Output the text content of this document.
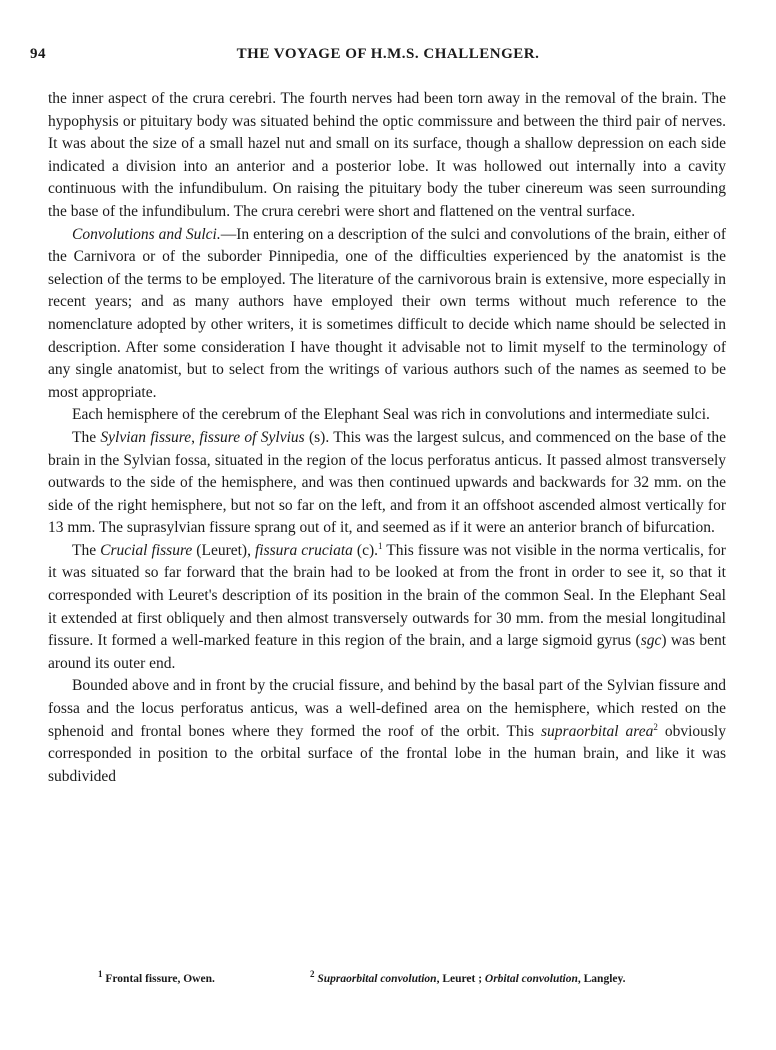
94	THE VOYAGE OF H.M.S. CHALLENGER.

the inner aspect of the crura cerebri. The fourth nerves had been torn away in the removal of the brain. The hypophysis or pituitary body was situated behind the optic commissure and between the third pair of nerves. It was about the size of a small hazel nut and small on its surface, though a shallow depression on each side indicated a division into an anterior and a posterior lobe. It was hollowed out internally into a cavity continuous with the infundibulum. On raising the pituitary body the tuber cinereum was seen surrounding the base of the infundibulum. The crura cerebri were short and flattened on the ventral surface.

Convolutions and Sulci.—In entering on a description of the sulci and convolutions of the brain, either of the Carnivora or of the suborder Pinnipedia, one of the difficulties experienced by the anatomist is the selection of the terms to be employed. The literature of the carnivorous brain is extensive, more especially in recent years; and as many authors have employed their own terms without much reference to the nomenclature adopted by other writers, it is sometimes difficult to decide which name should be selected in description. After some consideration I have thought it advisable not to limit myself to the terminology of any single anatomist, but to select from the writings of various authors such of the names as seemed to be most appropriate.

Each hemisphere of the cerebrum of the Elephant Seal was rich in convolutions and intermediate sulci.

The Sylvian fissure, fissure of Sylvius (s). This was the largest sulcus, and commenced on the base of the brain in the Sylvian fossa, situated in the region of the locus perforatus anticus. It passed almost transversely outwards to the side of the hemisphere, and was then continued upwards and backwards for 32 mm. on the side of the right hemisphere, but not so far on the left, and from it an offshoot ascended almost vertically for 13 mm. The suprasylvian fissure sprang out of it, and seemed as if it were an anterior branch of bifurcation.

The Crucial fissure (Leuret), fissura cruciata (c).$^1$ This fissure was not visible in the norma verticalis, for it was situated so far forward that the brain had to be looked at from the front in order to see it, so that it corresponded with Leuret's description of its position in the brain of the common Seal. In the Elephant Seal it extended at first obliquely and then almost transversely outwards for 30 mm. from the mesial longitudinal fissure. It formed a well-marked feature in this region of the brain, and a large sigmoid gyrus (sgc) was bent around its outer end.

Bounded above and in front by the crucial fissure, and behind by the basal part of the Sylvian fissure and fossa and the locus perforatus anticus, was a well-defined area on the hemisphere, which rested on the sphenoid and frontal bones where they formed the roof of the orbit. This supraorbital area$^2$ obviously corresponded in position to the orbital surface of the frontal lobe in the human brain, and like it was subdivided

$^1$ Frontal fissure, Owen.	$^2$ Supraorbital convolution, Leuret ; Orbital convolution, Langley.
